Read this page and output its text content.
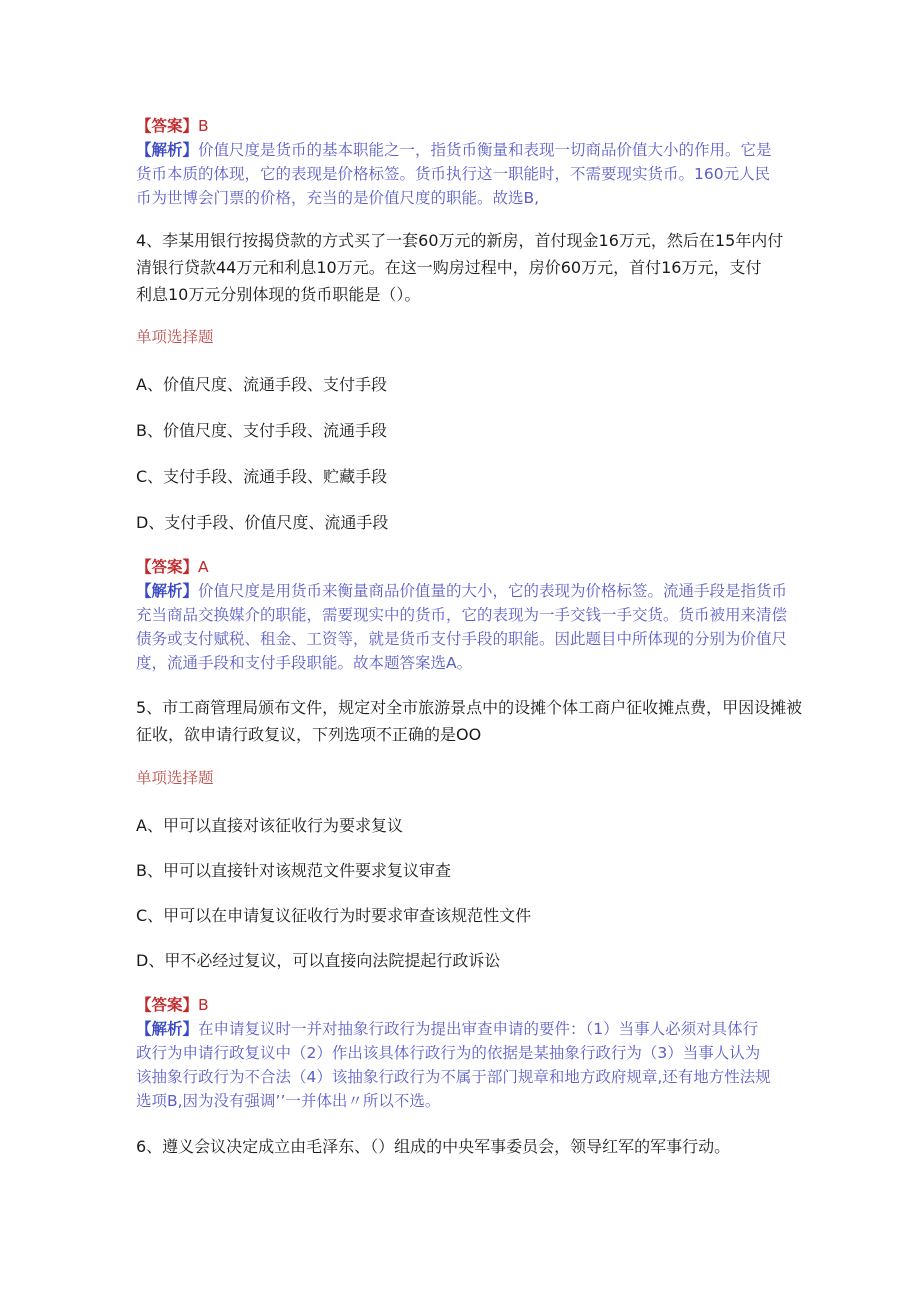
【答案】B
【解析】价值尺度是货币的基本职能之一，指货币衡量和表现一切商品价值大小的作用。它是
货币本质的体现，它的表现是价格标签。货币执行这一职能时，不需要现实货币。160元人民
币为世博会门票的价格，充当的是价值尺度的职能。故选B,
4、李某用银行按揭贷款的方式买了一套60万元的新房，首付现金16万元，然后在15年内付
清银行贷款44万元和利息10万元。在这一购房过程中，房价60万元，首付16万元，支付
利息10万元分别体现的货币职能是（）。
单项选择题
A、价值尺度、流通手段、支付手段
B、价值尺度、支付手段、流通手段
C、支付手段、流通手段、贮藏手段
D、支付手段、价值尺度、流通手段
【答案】A
【解析】价值尺度是用货币来衡量商品价值量的大小，它的表现为价格标签。流通手段是指货币
充当商品交换媒介的职能，需要现实中的货币，它的表现为一手交钱一手交货。货币被用来清偿
债务或支付赋税、租金、工资等，就是货币支付手段的职能。因此题目中所体现的分别为价值尺
度，流通手段和支付手段职能。故本题答案选A。
5、市工商管理局颁布文件，规定对全市旅游景点中的设摊个体工商户征收摊点费，甲因设摊被
征收，欲申请行政复议，下列选项不正确的是OO
单项选择题
A、甲可以直接对该征收行为要求复议
B、甲可以直接针对该规范文件要求复议审查
C、甲可以在申请复议征收行为时要求审查该规范性文件
D、甲不必经过复议，可以直接向法院提起行政诉讼
【答案】B
【解析】在申请复议时一并对抽象行政行为提出审查申请的要件：（1）当事人必须对具体行
政行为申请行政复议中（2）作出该具体行政行为的依据是某抽象行政行为（3）当事人认为
该抽象行政行为不合法（4）该抽象行政行为不属于部门规章和地方政府规章,还有地方性法规
选项B,因为没有强调’’一并体出〃所以不选。
6、遵义会议决定成立由毛泽东、（）组成的中央军事委员会，领导红军的军事行动。
